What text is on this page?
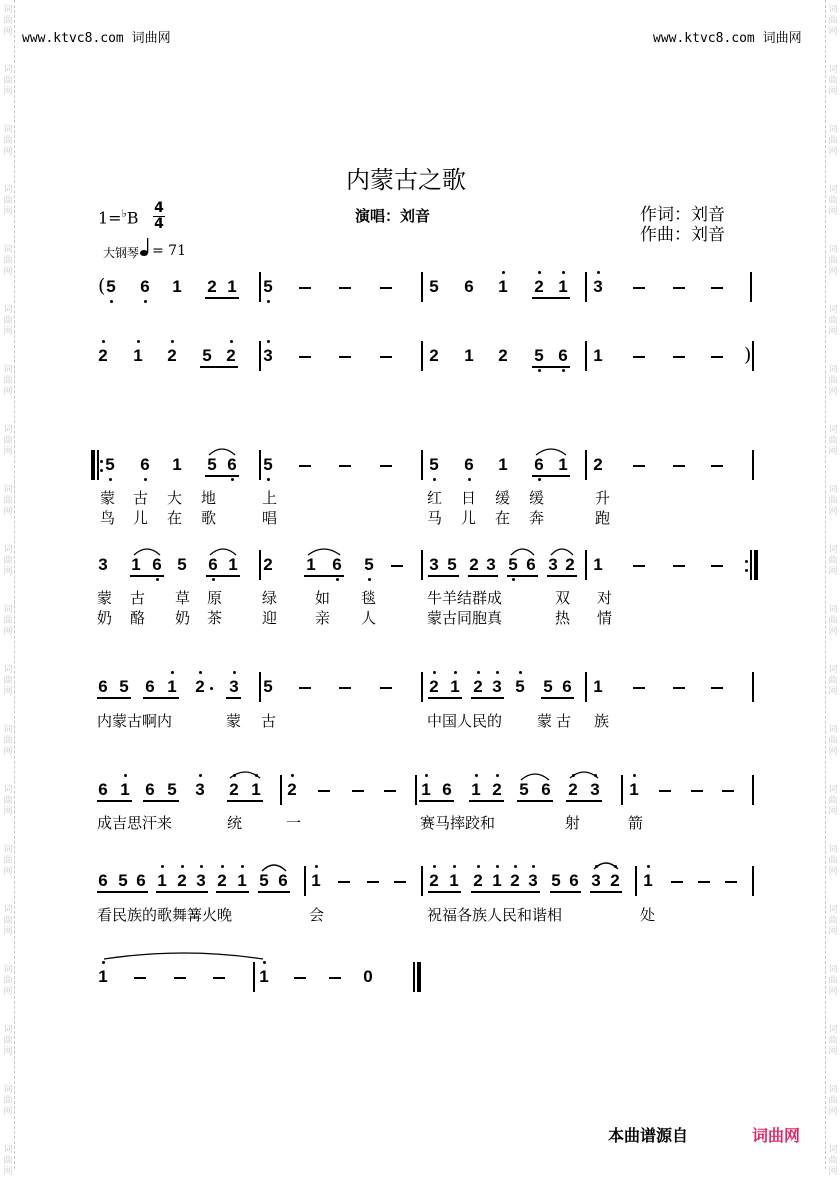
词
曲
网
词
曲
网
词
曲
网
词
曲
网
词
曲
网
词
曲
网
词
曲
网
词
曲
网
词
曲
网
词
曲
网
词
曲
网
词
曲
网
词
曲
网
词
曲
网
词
曲
网
词
曲
网
词
曲
网
词
曲
网
词
曲
网
词
曲
网
词
曲
网
词
曲
网
词
曲
网
词
曲
网
词
曲
网
词
曲
网
词
曲
网
词
曲
网
词
曲
网
词
曲
网
词
曲
网
词
曲
网
词
曲
网
词
曲
网
词
曲
网
词
曲
网
词
曲
网
词
曲
网
词
曲
网
词
曲
网
www.ktvc8.com 词曲网	www.ktvc8.com 词曲网
内蒙古之歌
1=♭B
4
4
大钢琴 = 71
演唱：刘音	作词：刘音
作曲：刘音
( 5 6 1 2 1 5	5 6 1 2 1 3
2 1 2 5 2 3	2 1 2 5 6 1	)
5 6 1 5 6 5	5 6 1 6 1 2
3 1 6 5 6 1 2 1 6 5	3 5 2 3 5 6 3 2 1
6 5 6 1 2 3 5	2 1 2 3 5 5 6 1
6 1 6 5 3 2 1 2	1 6 1 2 5 6 2 3 1
6 5 6 1 2 3 2 1 5 6 1	2 1 2 1 2 3 5 6 3 2 1
1	1	0
蒙 古 大 地	上	红 日 缓 缓	升
鸟 儿 在 歌	唱	马 儿 在 奔	跑
蒙 古 草 原	绿	如 毯	牛羊结群成	双 对
奶 酪 奶 茶	迎	亲 人	蒙古同胞真	热 情
内蒙古啊内	蒙 古	中国人民的 蒙古 族
成吉思汗来	统	一	赛马摔跤和	射	箭
看民族的歌舞篝火晚	会	祝福各族人民和谐相	处
本曲谱源自	词曲网
